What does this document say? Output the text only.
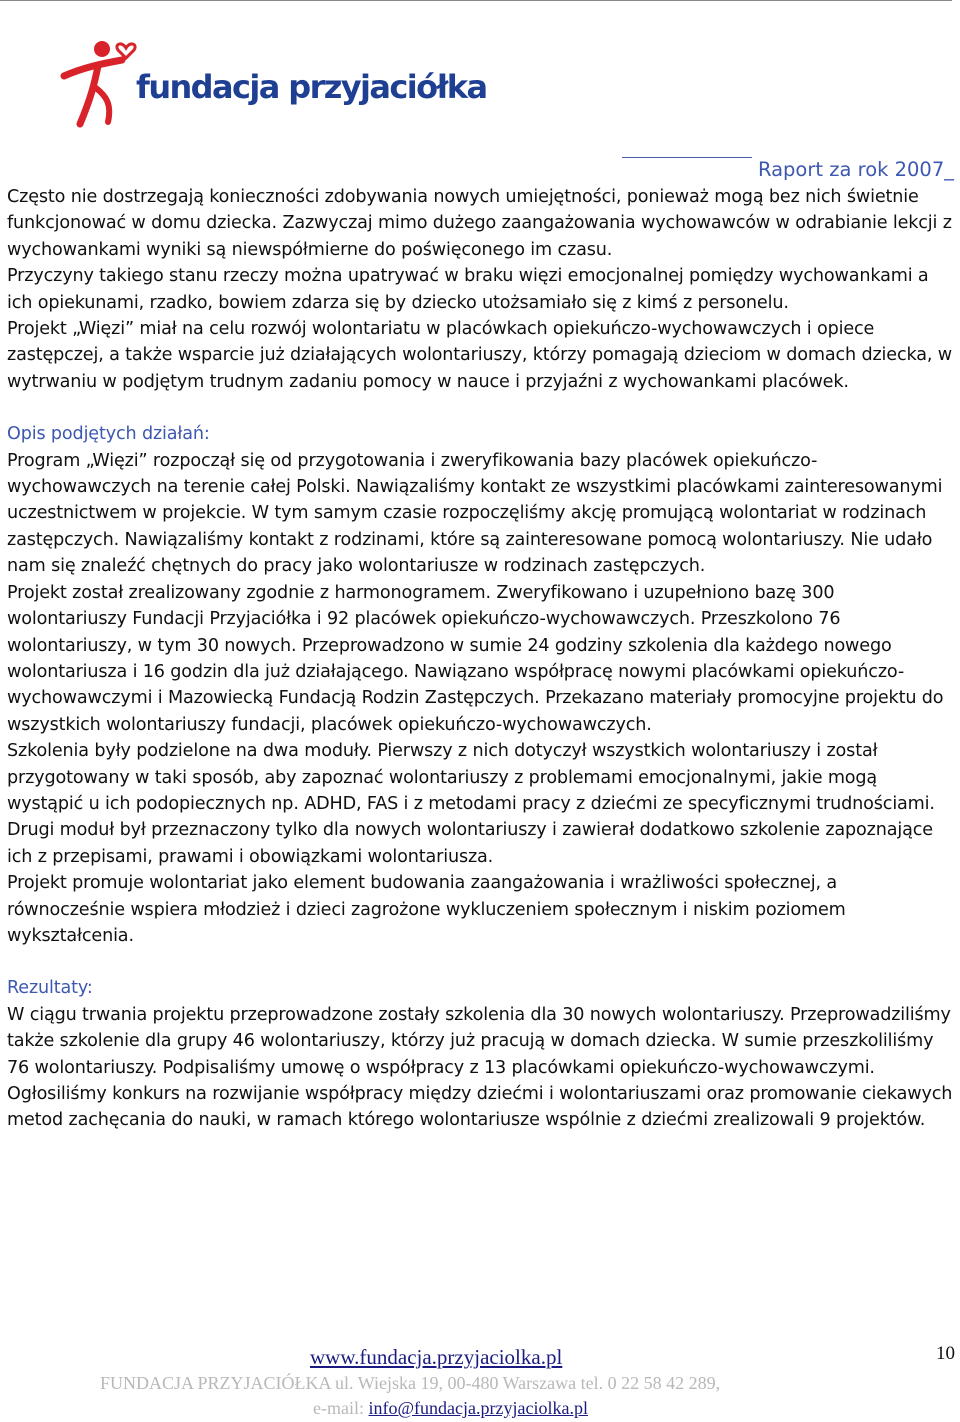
fundacja przyjaciółka
Raport za rok 2007_

Często nie dostrzegają konieczności zdobywania nowych umiejętności, ponieważ mogą bez nich świetnie funkcjonować w domu dziecka. Zazwyczaj mimo dużego zaangażowania wychowawców w odrabianie lekcji z wychowankami wyniki są niewspółmierne do poświęconego im czasu.

Przyczyny takiego stanu rzeczy można upatrywać w braku więzi emocjonalnej pomiędzy wychowankami a ich opiekunami, rzadko, bowiem zdarza się by dziecko utożsamiało się z kimś z personelu.

Projekt „Więzi” miał na celu rozwój wolontariatu w placówkach opiekuńczo-wychowawczych i opiece zastępczej, a także wsparcie już działających wolontariuszy, którzy pomagają dzieciom w domach dziecka, w wytrwaniu w podjętym trudnym zadaniu pomocy w nauce i przyjaźni z wychowankami placówek.

Opis podjętych działań:

Program „Więzi” rozpoczął się od przygotowania i zweryfikowania bazy placówek opiekuńczo-wychowawczych na terenie całej Polski. Nawiązaliśmy kontakt ze wszystkimi placówkami zainteresowanymi uczestnictwem w projekcie. W tym samym czasie rozpoczęliśmy akcję promującą wolontariat w rodzinach zastępczych. Nawiązaliśmy kontakt z rodzinami, które są zainteresowane pomocą wolontariuszy. Nie udało nam się znaleźć chętnych do pracy jako wolontariusze w rodzinach zastępczych.

Projekt został zrealizowany zgodnie z harmonogramem. Zweryfikowano i uzupełniono bazę 300 wolontariuszy Fundacji Przyjaciółka i 92 placówek opiekuńczo-wychowawczych. Przeszkolono 76 wolontariuszy, w tym 30 nowych. Przeprowadzono w sumie 24 godziny szkolenia dla każdego nowego wolontariusza i 16 godzin dla już działającego. Nawiązano współpracę nowymi placówkami opiekuńczo-wychowawczymi i Mazowiecką Fundacją Rodzin Zastępczych. Przekazano materiały promocyjne projektu do wszystkich wolontariuszy fundacji, placówek opiekuńczo-wychowawczych.

Szkolenia były podzielone na dwa moduły. Pierwszy z nich dotyczył wszystkich wolontariuszy i został przygotowany w taki sposób, aby zapoznać wolontariuszy z problemami emocjonalnymi, jakie mogą wystąpić u ich podopiecznych np. ADHD, FAS i z metodami pracy z dziećmi ze specyficznymi trudnościami. Drugi moduł był przeznaczony tylko dla nowych wolontariuszy i zawierał dodatkowo szkolenie zapoznające ich z przepisami, prawami i obowiązkami wolontariusza.

Projekt promuje wolontariat jako element budowania zaangażowania i wrażliwości społecznej, a równocześnie wspiera młodzież i dzieci zagrożone wykluczeniem społecznym i niskim poziomem wykształcenia.

Rezultaty:

W ciągu trwania projektu przeprowadzone zostały szkolenia dla 30 nowych wolontariuszy. Przeprowadziliśmy także szkolenie dla grupy 46 wolontariuszy, którzy już pracują w domach dziecka. W sumie przeszkoliliśmy 76 wolontariuszy. Podpisaliśmy umowę o współpracy z 13 placówkami opiekuńczo-wychowawczymi. Ogłosiliśmy konkurs na rozwijanie współpracy między dziećmi i wolontariuszami oraz promowanie ciekawych metod zachęcania do nauki, w ramach którego wolontariusze wspólnie z dziećmi zrealizowali 9 projektów.

www.fundacja.przyjaciolka.pl	10
FUNDACJA PRZYJACIÓŁKA ul. Wiejska 19, 00-480 Warszawa tel. 0 22 58 42 289,
e-mail: info@fundacja.przyjaciolka.pl
